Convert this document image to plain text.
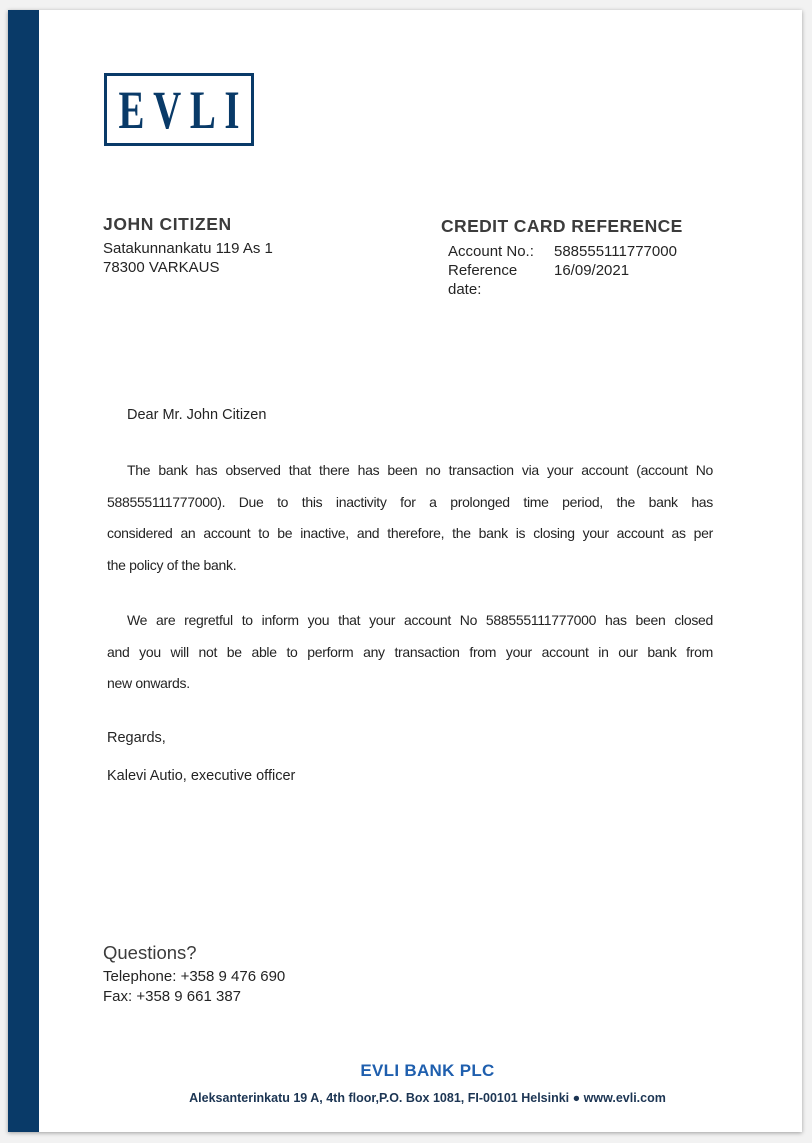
EVLI
JOHN CITIZEN
Satakunnankatu 119 As 1
78300 VARKAUS
CREDIT CARD REFERENCE
Account No.:	588555111777000
Reference date:
16/09/2021
Dear Mr. John Citizen
The bank has observed that there has been no transaction via your account (account No
588555111777000). Due to this inactivity for a prolonged time period, the bank has
considered an account to be inactive, and therefore, the bank is closing your account as per
the policy of the bank.
We are regretful to inform you that your account No 588555111777000 has been closed
and you will not be able to perform any transaction from your account in our bank from
new onwards.
Regards,
Kalevi Autio, executive officer
Questions?
Telephone: +358 9 476 690
Fax: +358 9 661 387
EVLI BANK PLC
Aleksanterinkatu 19 A, 4th floor,P.O. Box 1081, FI-00101 Helsinki ● www.evli.com
